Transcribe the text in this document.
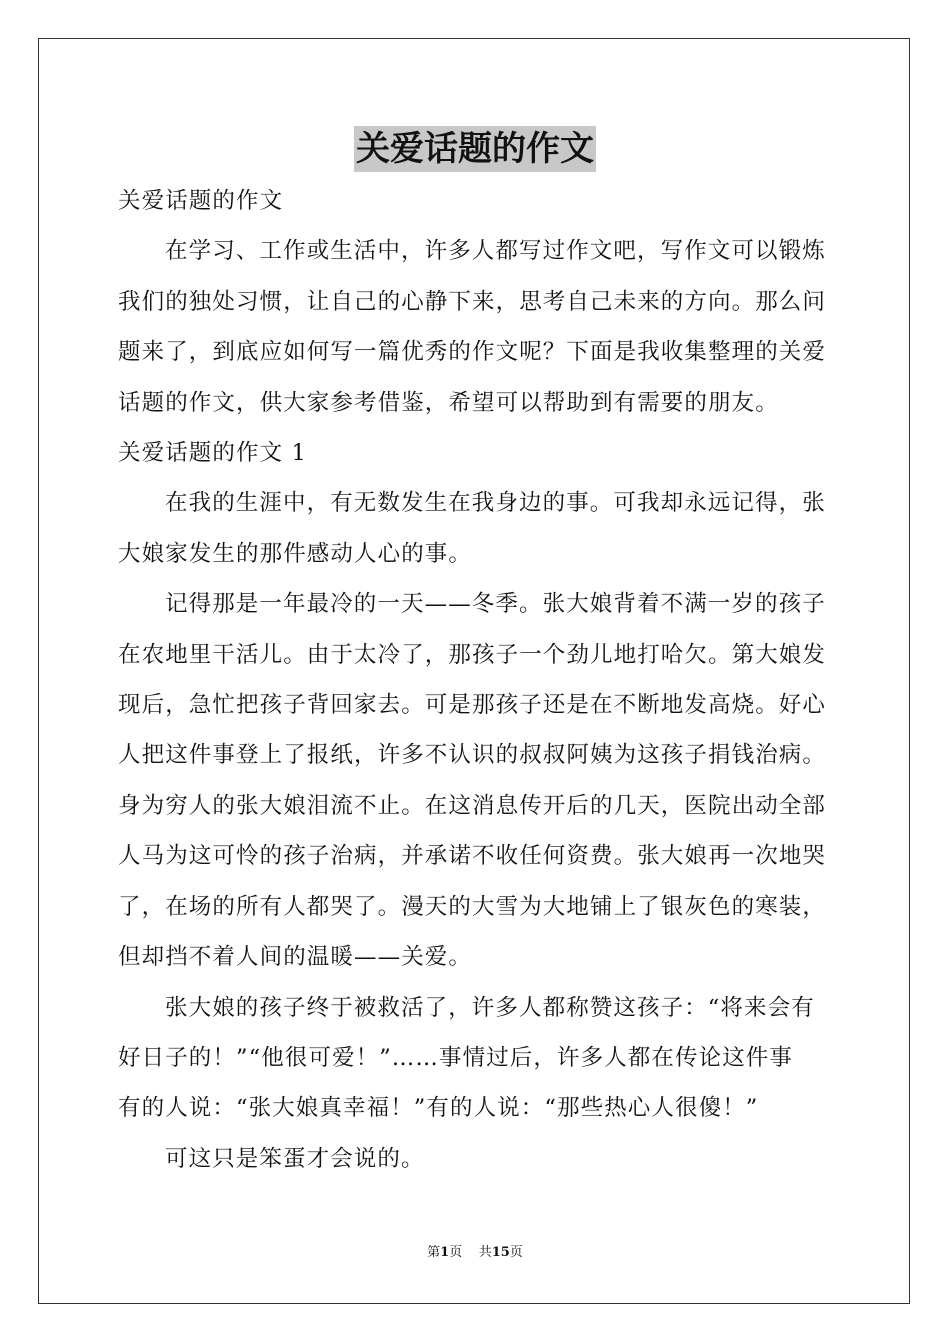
关爱话题的作文
关爱话题的作文
在学习、工作或生活中，许多人都写过作文吧，写作文可以锻炼
我们的独处习惯，让自己的心静下来，思考自己未来的方向。那么问
题来了，到底应如何写一篇优秀的作文呢？下面是我收集整理的关爱
话题的作文，供大家参考借鉴，希望可以帮助到有需要的朋友。
关爱话题的作文 1
在我的生涯中，有无数发生在我身边的事。可我却永远记得，张
大娘家发生的那件感动人心的事。
记得那是一年最冷的一天——冬季。张大娘背着不满一岁的孩子
在农地里干活儿。由于太冷了，那孩子一个劲儿地打哈欠。第大娘发
现后，急忙把孩子背回家去。可是那孩子还是在不断地发高烧。好心
人把这件事登上了报纸，许多不认识的叔叔阿姨为这孩子捐钱治病。
身为穷人的张大娘泪流不止。在这消息传开后的几天，医院出动全部
人马为这可怜的孩子治病，并承诺不收任何资费。张大娘再一次地哭
了，在场的所有人都哭了。漫天的大雪为大地铺上了银灰色的寒装，
但却挡不着人间的温暖——关爱。
张大娘的孩子终于被救活了，许多人都称赞这孩子：“将来会有
好日子的！”“他很可爱！”……事情过后，许多人都在传论这件事
有的人说：“张大娘真幸福！”有的人说：“那些热心人很傻！”
可这只是笨蛋才会说的。
第1页 共15页
